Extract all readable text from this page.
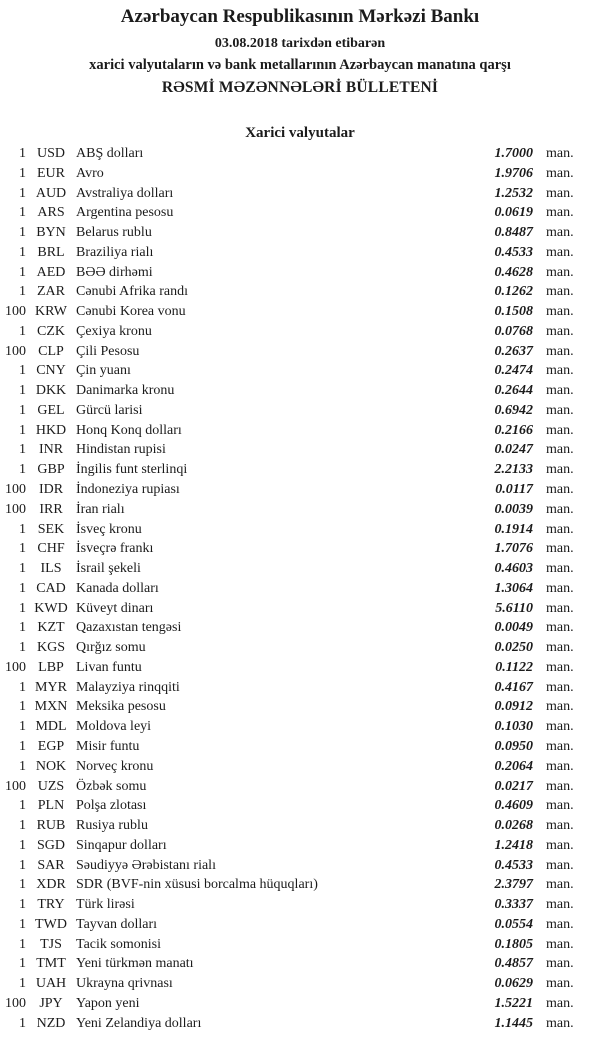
Azərbaycan Respublikasının Mərkəzi Bankı
03.08.2018 tarixdən etibarən
xarici valyutaların və bank metallarının Azərbaycan manatına qarşı
RƏSMİ MƏZƏNNƏLƏRİ BÜLLETENİ
Xarici valyutalar
1 USD ABŞ dolları	1.7000 man.
1 EUR Avro	1.9706 man.
1 AUD Avstraliya dolları	1.2532 man.
1 ARS Argentina pesosu	0.0619 man.
1 BYN Belarus rublu	0.8487 man.
1 BRL Braziliya rialı	0.4533 man.
1 AED BƏƏ dirhəmi	0.4628 man.
1 ZAR Cənubi Afrika randı	0.1262 man.
100 KRW Cənubi Korea vonu	0.1508 man.
1 CZK Çexiya kronu	0.0768 man.
100 CLP Çili Pesosu	0.2637 man.
1 CNY Çin yuanı	0.2474 man.
1 DKK Danimarka kronu	0.2644 man.
1 GEL Gürcü larisi	0.6942 man.
1 HKD Honq Konq dolları	0.2166 man.
1 INR Hindistan rupisi	0.0247 man.
1 GBP İngilis funt sterlinqi	2.2133 man.
100 IDR İndoneziya rupiası	0.0117 man.
100 IRR İran rialı	0.0039 man.
1 SEK İsveç kronu	0.1914 man.
1 CHF İsveçrə frankı	1.7076 man.
1	ILS	İsrail şekeli	0.4603 man.
1 CAD Kanada dolları	1.3064 man.
1 KWD Küveyt dinarı	5.6110 man.
1 KZT Qazaxıstan tengəsi	0.0049 man.
1 KGS Qırğız somu	0.0250 man.
100 LBP Livan funtu	0.1122 man.
1 MYR Malayziya rinqqiti	0.4167 man.
1 MXN Meksika pesosu	0.0912 man.
1 MDL Moldova leyi	0.1030 man.
1 EGP Misir funtu	0.0950 man.
1 NOK Norveç kronu	0.2064 man.
100 UZS Özbək somu	0.0217 man.
1 PLN Polşa zlotası	0.4609 man.
1 RUB Rusiya rublu	0.0268 man.
1 SGD Sinqapur dolları	1.2418 man.
1 SAR Səudiyyə Ərəbistanı rialı	0.4533 man.
1 XDR SDR (BVF-nin xüsusi borcalma hüquqları)	2.3797 man.
1 TRY Türk lirəsi	0.3337 man.
1 TWD Tayvan dolları	0.0554 man.
1	TJS	Tacik somonisi	0.1805 man.
1 TMT Yeni türkmən manatı	0.4857 man.
1 UAH Ukrayna qrivnası	0.0629 man.
100 JPY Yapon yeni	1.5221 man.
1 NZD Yeni Zelandiya dolları	1.1445 man.
